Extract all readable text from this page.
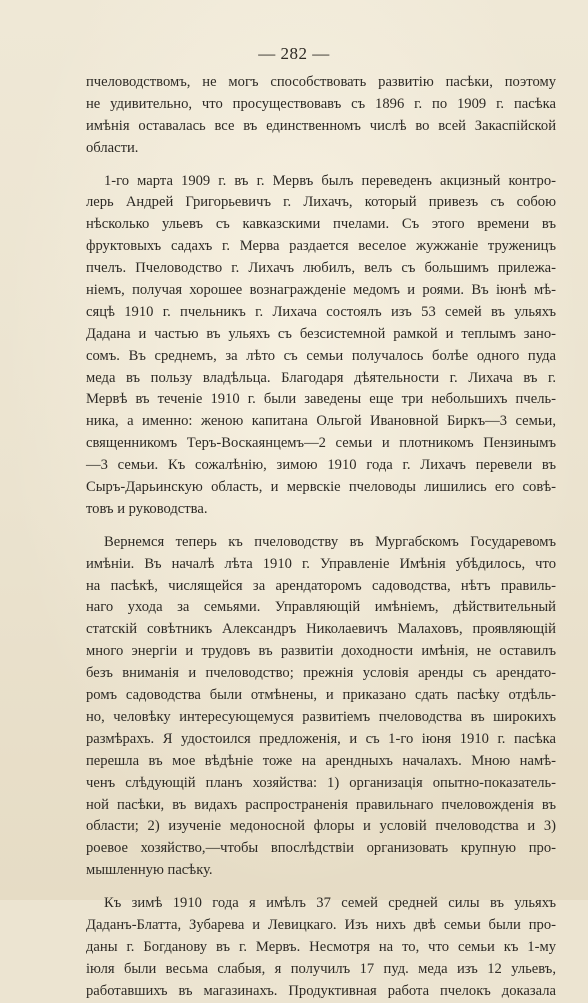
— 282 —
пчеловодствомъ, не могъ способствовать развитiю пасѣки, поэтому
не удивительно, что просуществовавъ съ 1896 г. по 1909 г. пасѣка
имѣнiя оставалась все въ единственномъ числѣ во всей Закаспiйской
области.
1-го марта 1909 г. въ г. Мервъ былъ переведенъ акцизный контро-
лерь Андрей Григорьевичъ г. Лихачъ, который привезъ съ собою
нѣсколько ульевъ съ кавказскими пчелами. Съ этого времени въ
фруктовыхъ садахъ г. Мерва раздается веселое жужжанiе труженицъ
пчелъ. Пчеловодство г. Лихачъ любилъ, велъ съ большимъ прилежа-
нiемъ, получая хорошее вознагражденiе медомъ и роями. Въ iюнѣ мѣ-
сяцѣ 1910 г. пчельникъ г. Лихача состоялъ изъ 53 семей въ ульяхъ
Дадана и частью въ ульяхъ съ безсистемной рамкой и теплымъ зано-
сомъ. Въ среднемъ, за лѣто съ семьи получалось болѣе одного пуда
меда въ пользу владѣльца. Благодаря дѣятельности г. Лихача въ г.
Мервѣ въ теченiе 1910 г. были заведены еще три небольшихъ пчель-
ника, а именно: женою капитана Ольгой Ивановной Биркъ—3 семьи,
священникомъ Теръ-Воскаянцемъ—2 семьи и плотникомъ Пензинымъ
—3 семьи. Къ сожалѣнiю, зимою 1910 года г. Лихачъ перевели въ
Сыръ-Дарьинскую область, и мервскiе пчеловоды лишились его совѣ-
товъ и руководства.
Вернемся теперь къ пчеловодству въ Мургабскомъ Государевомъ
имѣнiи. Въ началѣ лѣта 1910 г. Управленiе Имѣнiя убѣдилось, что
на пасѣкѣ, числящейся за арендаторомъ садоводства, нѣтъ правиль-
наго ухода за семьями. Управляющiй имѣнiемъ, дѣйствительный
статскiй совѣтникъ Александръ Николаевичъ Малаховъ, проявляющiй
много энергiи и трудовъ въ развитiи доходности имѣнiя, не оставилъ
безъ вниманiя и пчеловодство; прежнiя условiя аренды съ арендато-
ромъ садоводства были отмѣнены, и приказано сдать пасѣку отдѣль-
но, человѣку интересующемуся развитiемъ пчеловодства въ широкихъ
размѣрахъ. Я удостоился предложенiя, и съ 1-го iюня 1910 г. пасѣка
перешла въ мое вѣдѣнiе тоже на арендныхъ началахъ. Мною намѣ-
ченъ слѣдующiй планъ хозяйства: 1) организацiя опытно-показатель-
ной пасѣки, въ видахъ распространенiя правильнаго пчеловожденiя въ
области; 2) изученiе медоносной флоры и условiй пчеловодства и 3)
роевое хозяйство,—чтобы впослѣдствiи организовать крупную про-
мышленную пасѣку.
Къ зимѣ 1910 года я имѣлъ 37 семей средней силы въ ульяхъ
Даданъ-Блатта, Зубарева и Левицкаго. Изъ нихъ двѣ семьи были про-
даны г. Богданову въ г. Мервъ. Несмотря на то, что семьи къ 1-му
iюля были весьма слабыя, я получилъ 17 пуд. меда изъ 12 ульевъ,
работавшихъ въ магазинахъ. Продуктивная работа пчелокъ доказала
